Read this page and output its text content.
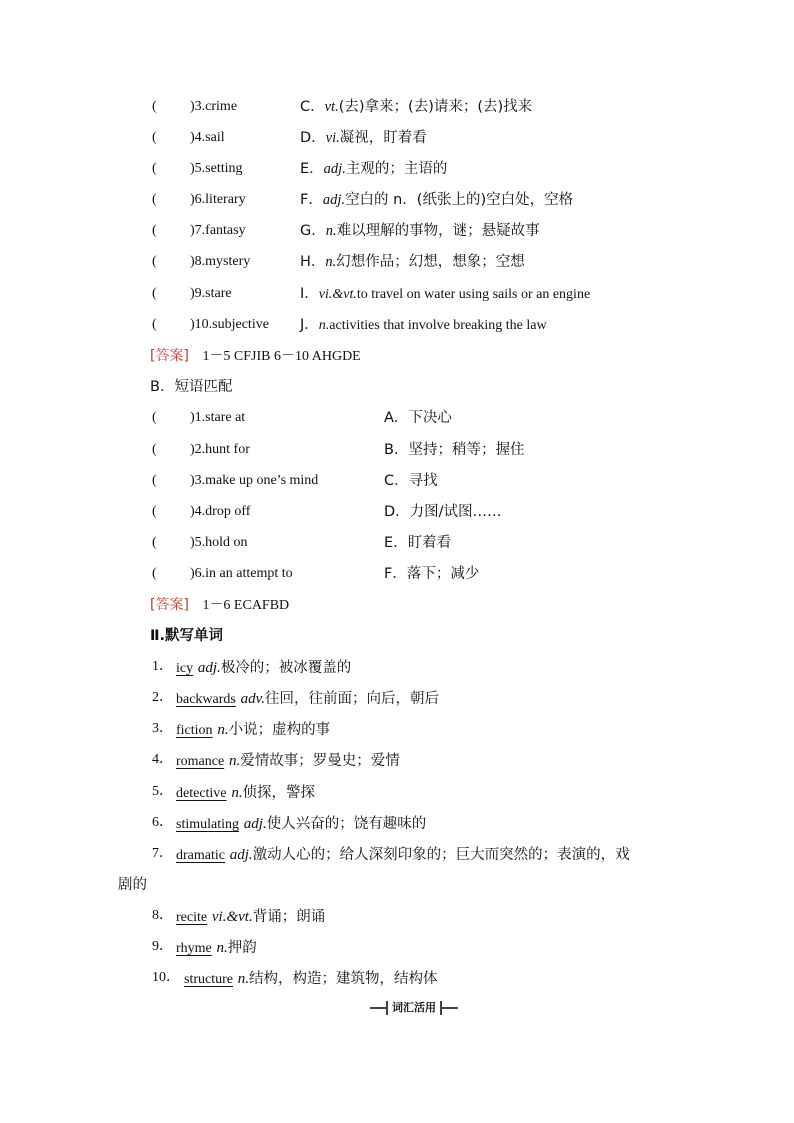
( )3.crime	C．vt.(去)拿来；(去)请来；(去)找来
( )4.sail	D．vi.凝视，盯着看
( )5.setting	E．adj.主观的；主语的
( )6.literary	F．adj.空白的 n．(纸张上的)空白处，空格
( )7.fantasy	G．n.难以理解的事物，谜；悬疑故事
( )8.mystery	H．n.幻想作品；幻想，想象；空想
( )9.stare	I．vi.&vt.to travel on water using sails or an engine
( )10.subjective J．n.activities that involve breaking the law
[答案] 1－5 CFJIB 6－10 AHGDE
B．短语匹配
( )1.stare at	A．下决心
( )2.hunt for	B．坚持；稍等；握住
( )3.make up one’s mind	C．寻找
( )4.drop off	D．力图/试图……
( )5.hold on	E．盯着看
( )6.in an attempt to	F．落下；减少
[答案] 1－6 ECAFBD
Ⅱ.默写单词
1． icy adj.极冷的；被冰覆盖的
2． backwards adv.往回，往前面；向后，朝后
3． fiction n.小说；虚构的事
4． romance n.爱情故事；罗曼史；爱情
5． detective n.侦探，警探
6． stimulating adj.使人兴奋的；饶有趣味的
7． dramatic adj.激动人心的；给人深刻印象的；巨大而突然的；表演的，戏
剧的
8． recite vi.&vt.背诵；朗诵
9． rhyme n.押韵
10． structure n.结构，构造；建筑物，结构体
词汇活用
